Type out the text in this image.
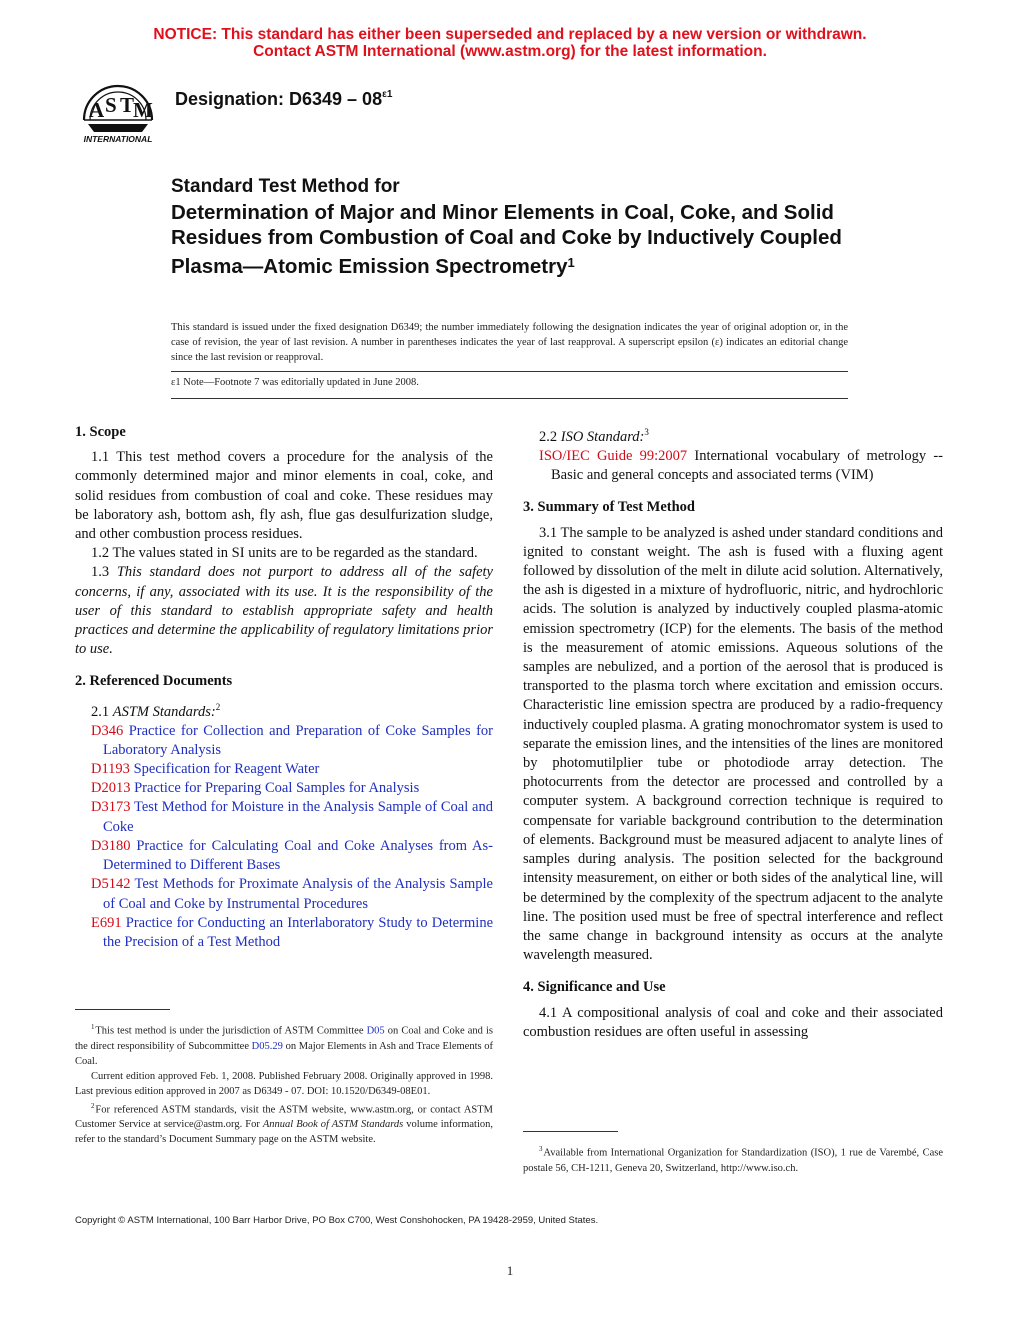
NOTICE: This standard has either been superseded and replaced by a new version or withdrawn.
Contact ASTM International (www.astm.org) for the latest information.
A S T
M
INTERNATIONAL
Designation: $D6349 - 08^{\varepsilon 1}$
Standard Test Method for
Determination of Major and Minor Elements in Coal, Coke, and Solid Residues from Combustion of Coal and Coke by Inductively Coupled Plasma—Atomic Emission Spectrometry$^1$
This standard is issued under the fixed designation D6349; the number immediately following the designation indicates the year of original adoption or, in the case of revision, the year of last revision. A number in parentheses indicates the year of last reapproval. A superscript epsilon (ε) indicates an editorial change since the last revision or reapproval.
ε1 Note—Footnote 7 was editorially updated in June 2008.
1. Scope

1.1 This test method covers a procedure for the analysis of the commonly determined major and minor elements in coal, coke, and solid residues from combustion of coal and coke. These residues may be laboratory ash, bottom ash, fly ash, flue gas desulfurization sludge, and other combustion process residues.

1.2 The values stated in SI units are to be regarded as the standard.

1.3 This standard does not purport to address all of the safety concerns, if any, associated with its use. It is the responsibility of the user of this standard to establish appropriate safety and health practices and determine the applicability of regulatory limitations prior to use.

2. Referenced Documents

2.1 ASTM Standards:$^2$

D346 Practice for Collection and Preparation of Coke Samples for Laboratory Analysis
D1193 Specification for Reagent Water
D2013 Practice for Preparing Coal Samples for Analysis
D3173 Test Method for Moisture in the Analysis Sample of Coal and Coke
D3180 Practice for Calculating Coal and Coke Analyses from As-Determined to Different Bases
D5142 Test Methods for Proximate Analysis of the Analysis Sample of Coal and Coke by Instrumental Procedures
E691 Practice for Conducting an Interlaboratory Study to Determine the Precision of a Test Method

2.2 ISO Standard:$^3$

ISO/IEC Guide 99:2007 International vocabulary of metrology -- Basic and general concepts and associated terms (VIM)
3. Summary of Test Method

3.1 The sample to be analyzed is ashed under standard conditions and ignited to constant weight. The ash is fused with a fluxing agent followed by dissolution of the melt in dilute acid solution. Alternatively, the ash is digested in a mixture of hydrofluoric, nitric, and hydrochloric acids. The solution is analyzed by inductively coupled plasma-atomic emission spectrometry (ICP) for the elements. The basis of the method is the measurement of atomic emissions. Aqueous solutions of the samples are nebulized, and a portion of the aerosol that is produced is transported to the plasma torch where excitation and emission occurs. Characteristic line emission spectra are produced by a radio-frequency inductively coupled plasma. A grating monochromator system is used to separate the emission lines, and the intensities of the lines are monitored by photomutilplier tube or photodiode array detection. The photocurrents from the detector are processed and controlled by a computer system. A background correction technique is required to compensate for variable background contribution to the determination of elements. Background must be measured adjacent to analyte lines of samples during analysis. The position selected for the background intensity measurement, on either or both sides of the analytical line, will be determined by the complexity of the spectrum adjacent to the analyte line. The position used must be free of spectral interference and reflect the same change in background intensity as occurs at the analyte wavelength measured.

4. Significance and Use

4.1 A compositional analysis of coal and coke and their associated combustion residues are often useful in assessing

$^1$ This test method is under the jurisdiction of ASTM Committee D05 on Coal and Coke and is the direct responsibility of Subcommittee D05.29 on Major Elements in Ash and Trace Elements of Coal.

Current edition approved Feb. 1, 2008. Published February 2008. Originally approved in 1998. Last previous edition approved in 2007 as D6349 - 07. DOI: 10.1520/D6349-08E01.

$^2$ For referenced ASTM standards, visit the ASTM website, www.astm.org, or contact ASTM Customer Service at service@astm.org. For Annual Book of ASTM Standards volume information, refer to the standard’s Document Summary page on the ASTM website.

$^3$ Available from International Organization for Standardization (ISO), 1 rue de Varembé, Case postale 56, CH-1211, Geneva 20, Switzerland, http://www.iso.ch.

Copyright © ASTM International, 100 Barr Harbor Drive, PO Box C700, West Conshohocken, PA 19428-2959, United States.
1
